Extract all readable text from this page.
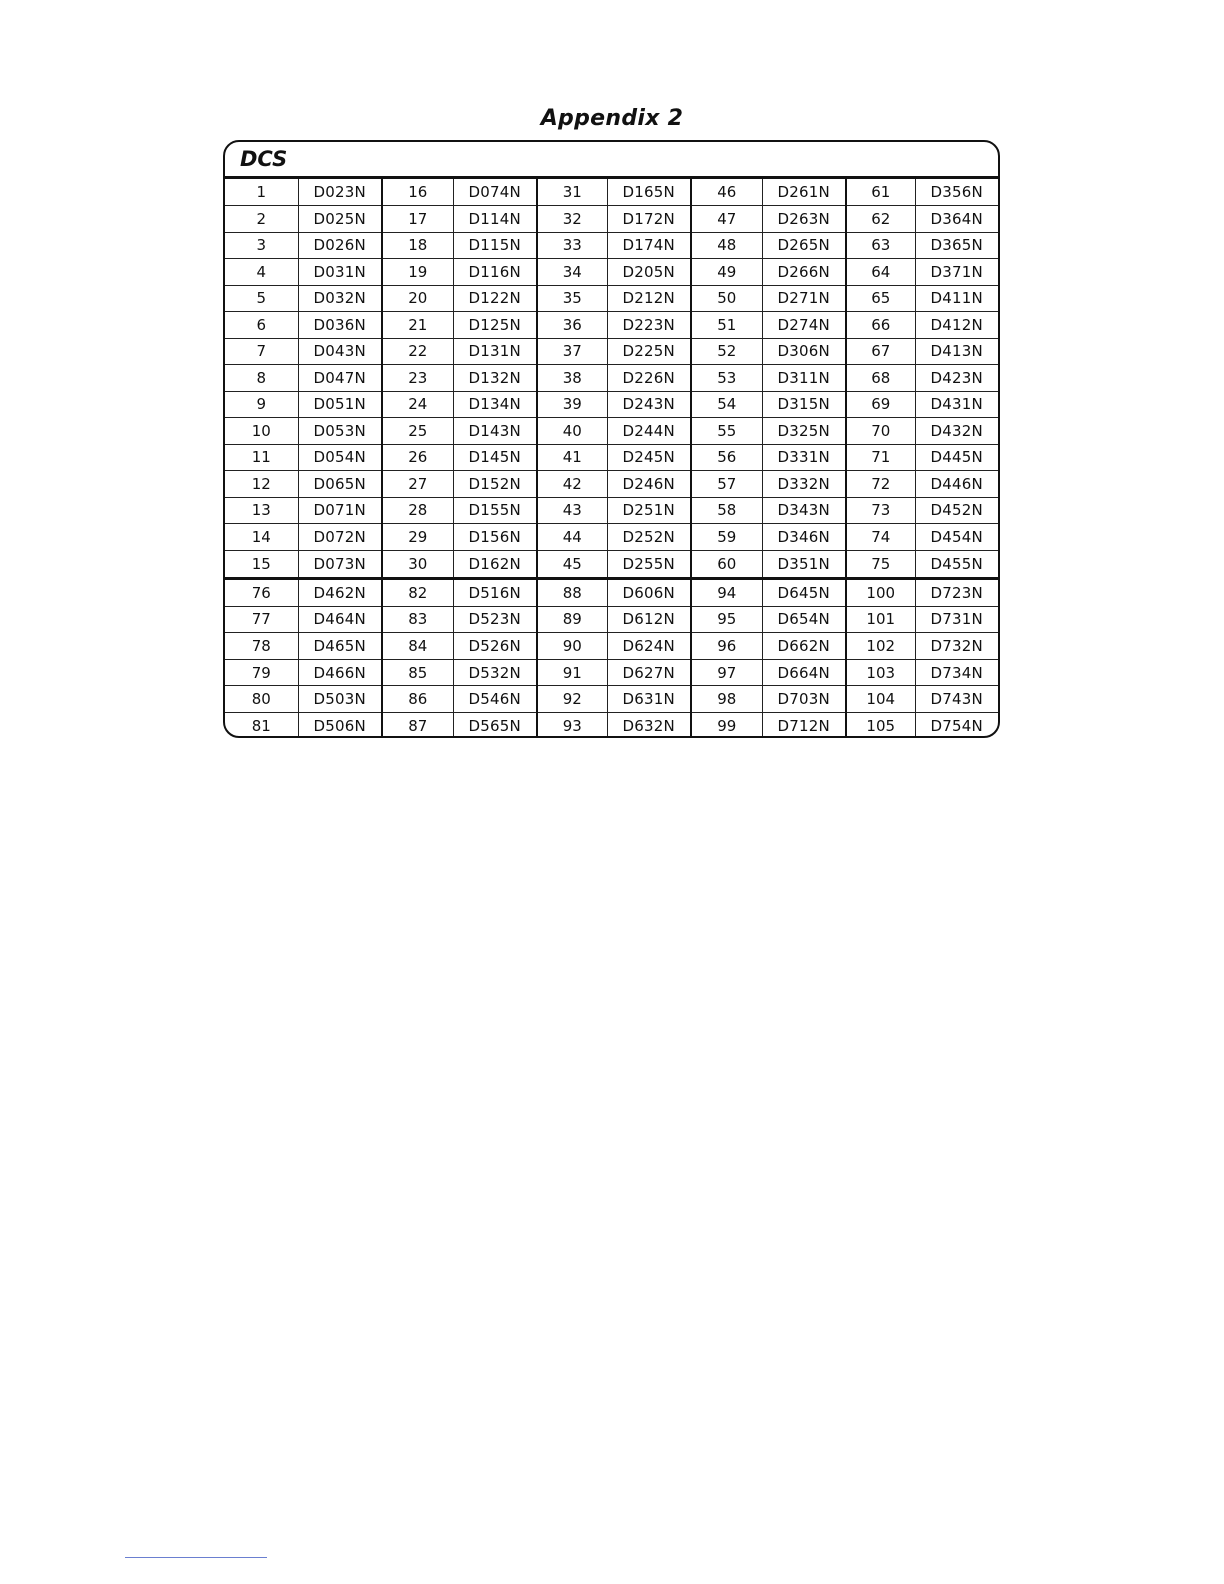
Appendix 2
DCS
1	D023N	16	D074N	31	D165N	46	D261N	61	D356N
2	D025N	17	D114N	32	D172N	47	D263N	62	D364N
3	D026N	18	D115N	33	D174N	48	D265N	63	D365N
4	D031N	19	D116N	34	D205N	49	D266N	64	D371N
5	D032N	20	D122N	35	D212N	50	D271N	65	D411N
6	D036N	21	D125N	36	D223N	51	D274N	66	D412N
7	D043N	22	D131N	37	D225N	52	D306N	67	D413N
8	D047N	23	D132N	38	D226N	53	D311N	68	D423N
9	D051N	24	D134N	39	D243N	54	D315N	69	D431N
10	D053N	25	D143N	40	D244N	55	D325N	70	D432N
11	D054N	26	D145N	41	D245N	56	D331N	71	D445N
12	D065N	27	D152N	42	D246N	57	D332N	72	D446N
13	D071N	28	D155N	43	D251N	58	D343N	73	D452N
14	D072N	29	D156N	44	D252N	59	D346N	74	D454N
15	D073N	30	D162N	45	D255N	60	D351N	75	D455N
76	D462N	82	D516N	88	D606N	94	D645N	100	D723N
77	D464N	83	D523N	89	D612N	95	D654N	101	D731N
78	D465N	84	D526N	90	D624N	96	D662N	102	D732N
79	D466N	85	D532N	91	D627N	97	D664N	103	D734N
80	D503N	86	D546N	92	D631N	98	D703N	104	D743N
81	D506N	87	D565N	93	D632N	99	D712N	105	D754N
